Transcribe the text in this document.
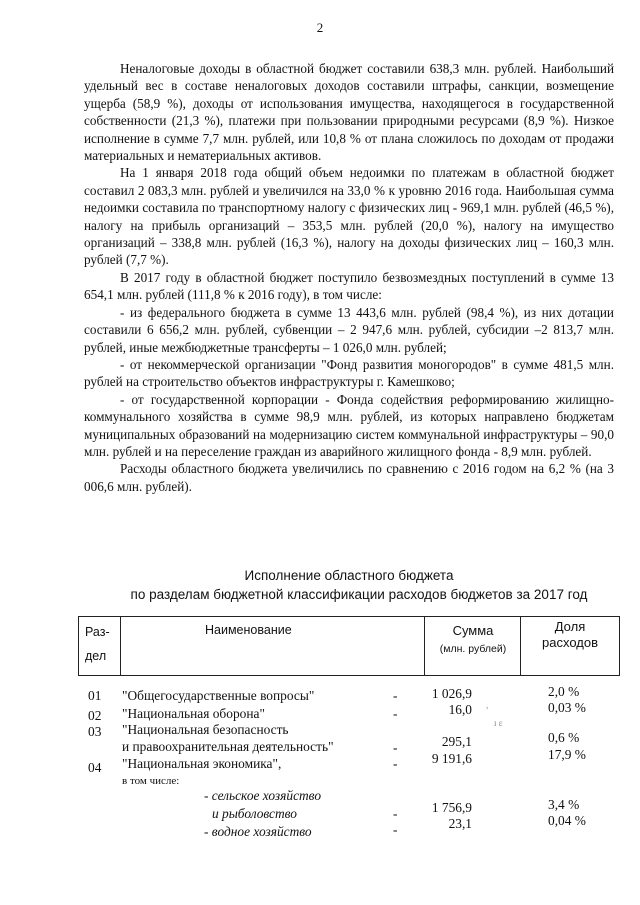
2

Неналоговые доходы в областной бюджет составили 638,3 млн. рублей. Наибольший удельный вес в составе неналоговых доходов составили штрафы, санкции, возмещение ущерба (58,9 %), доходы от использования имущества, находящегося в государственной собственности (21,3 %), платежи при пользовании природными ресурсами (8,9 %). Низкое исполнение в сумме 7,7 млн. рублей, или 10,8 % от плана сложилось по доходам от продажи материальных и нематериальных активов.

На 1 января 2018 года общий объем недоимки по платежам в областной бюджет составил 2 083,3 млн. рублей и увеличился на 33,0 % к уровню 2016 года. Наибольшая сумма недоимки составила по транспортному налогу с физических лиц - 969,1 млн. рублей (46,5 %), налогу на прибыль организаций – 353,5 млн. рублей (20,0 %), налогу на имущество организаций – 338,8 млн. рублей (16,3 %), налогу на доходы физических лиц – 160,3 млн. рублей (7,7 %).

В 2017 году в областной бюджет поступило безвозмездных поступлений в сумме 13 654,1 млн. рублей (111,8 % к 2016 году), в том числе:

- из федерального бюджета в сумме 13 443,6 млн. рублей (98,4 %), из них дотации составили 6 656,2 млн. рублей, субвенции – 2 947,6 млн. рублей, субсидии –2 813,7 млн. рублей, иные межбюджетные трансферты – 1 026,0 млн. рублей;

- от некоммерческой организации "Фонд развития моногородов" в сумме 481,5 млн. рублей на строительство объектов инфраструктуры г. Камешково;

- от государственной корпорации - Фонда содействия реформированию жилищно-коммунального хозяйства в сумме 98,9 млн. рублей, из которых направлено бюджетам муниципальных образований на модернизацию систем коммунальной инфраструктуры – 90,0 млн. рублей и на переселение граждан из аварийного жилищного фонда - 8,9 млн. рублей.

Расходы областного бюджета увеличились по сравнению с 2016 годом на 6,2 % (на 3 006,6 млн. рублей).

Исполнение областного бюджета
по разделам бюджетной классификации расходов бюджетов за 2017 год
Раз-
дел
Наименование	Сумма
(млн. рублей)
Доля
расходов
01 "Общегосударственные вопросы"	-	1 026,9	2,0 %
02 "Национальная оборона"	-	16,0	0,03 %
,
ɪ ɛ
03 "Национальная безопасность
и правоохранительная деятельность"	-	295,1	0,6 %
04 "Национальная экономика",	-	9 191,6	17,9 %
в том числе:
- сельское хозяйство
и рыболовство	-	1 756,9	3,4 %
- водное хозяйство	-	23,1	0,04 %
